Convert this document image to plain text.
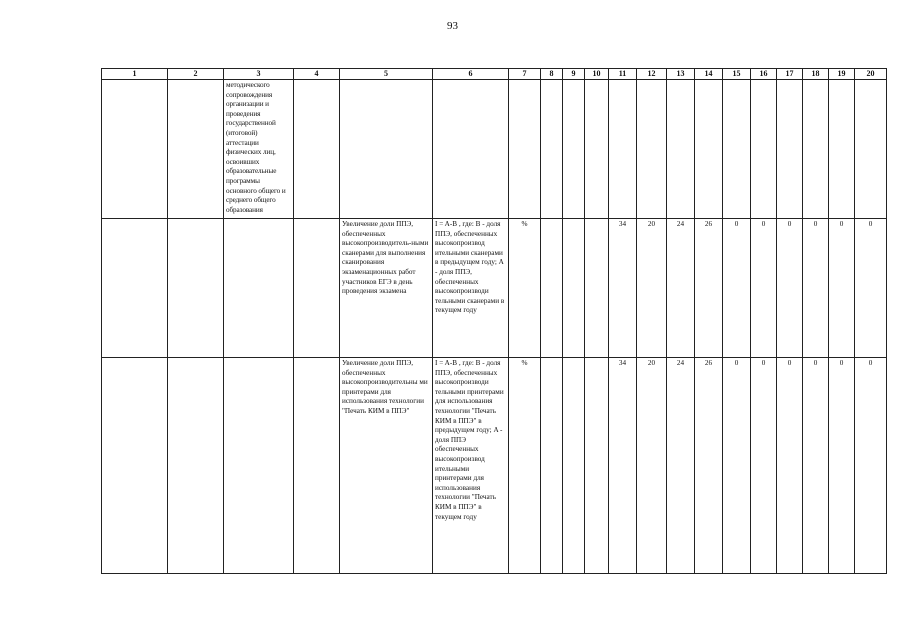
93
1	2	3	4	5	6	7	8	9	10	11	12	13	14	15	16	17	18	19	20
		методического сопровождения организации и проведения государственной (итоговой) аттестации физических лиц, освоивших образовательные программы основного общего и среднего общего образования																	
				Увеличение доли ППЭ, обеспеченных высокопроизводитель-ными сканерами для выполнения сканирования экзаменационных работ участников ЕГЭ в день проведения экзамена	I = A-B , где: B - доля ППЭ, обеспеченных высокопроизвод ительными сканерами в предыдущем году; A - доля ППЭ, обеспеченных высокопроизводи тельными сканерами в текущем году	%				34	20	24	26	0	0	0	0	0	0
				Увеличение доли ППЭ, обеспеченных высокопроизводительны ми принтерами для использования технологии "Печать КИМ в ППЭ"	I = A-B , где: B - доля ППЭ, обеспеченных высокопроизводи тельными принтерами для использования технологии "Печать КИМ в ППЭ" в предыдущем году; A - доля ППЭ обеспеченных высокопроизвод ительными принтерами для использования технологии "Печать КИМ в ППЭ" в текущем году	%				34	20	24	26	0	0	0	0	0	0
